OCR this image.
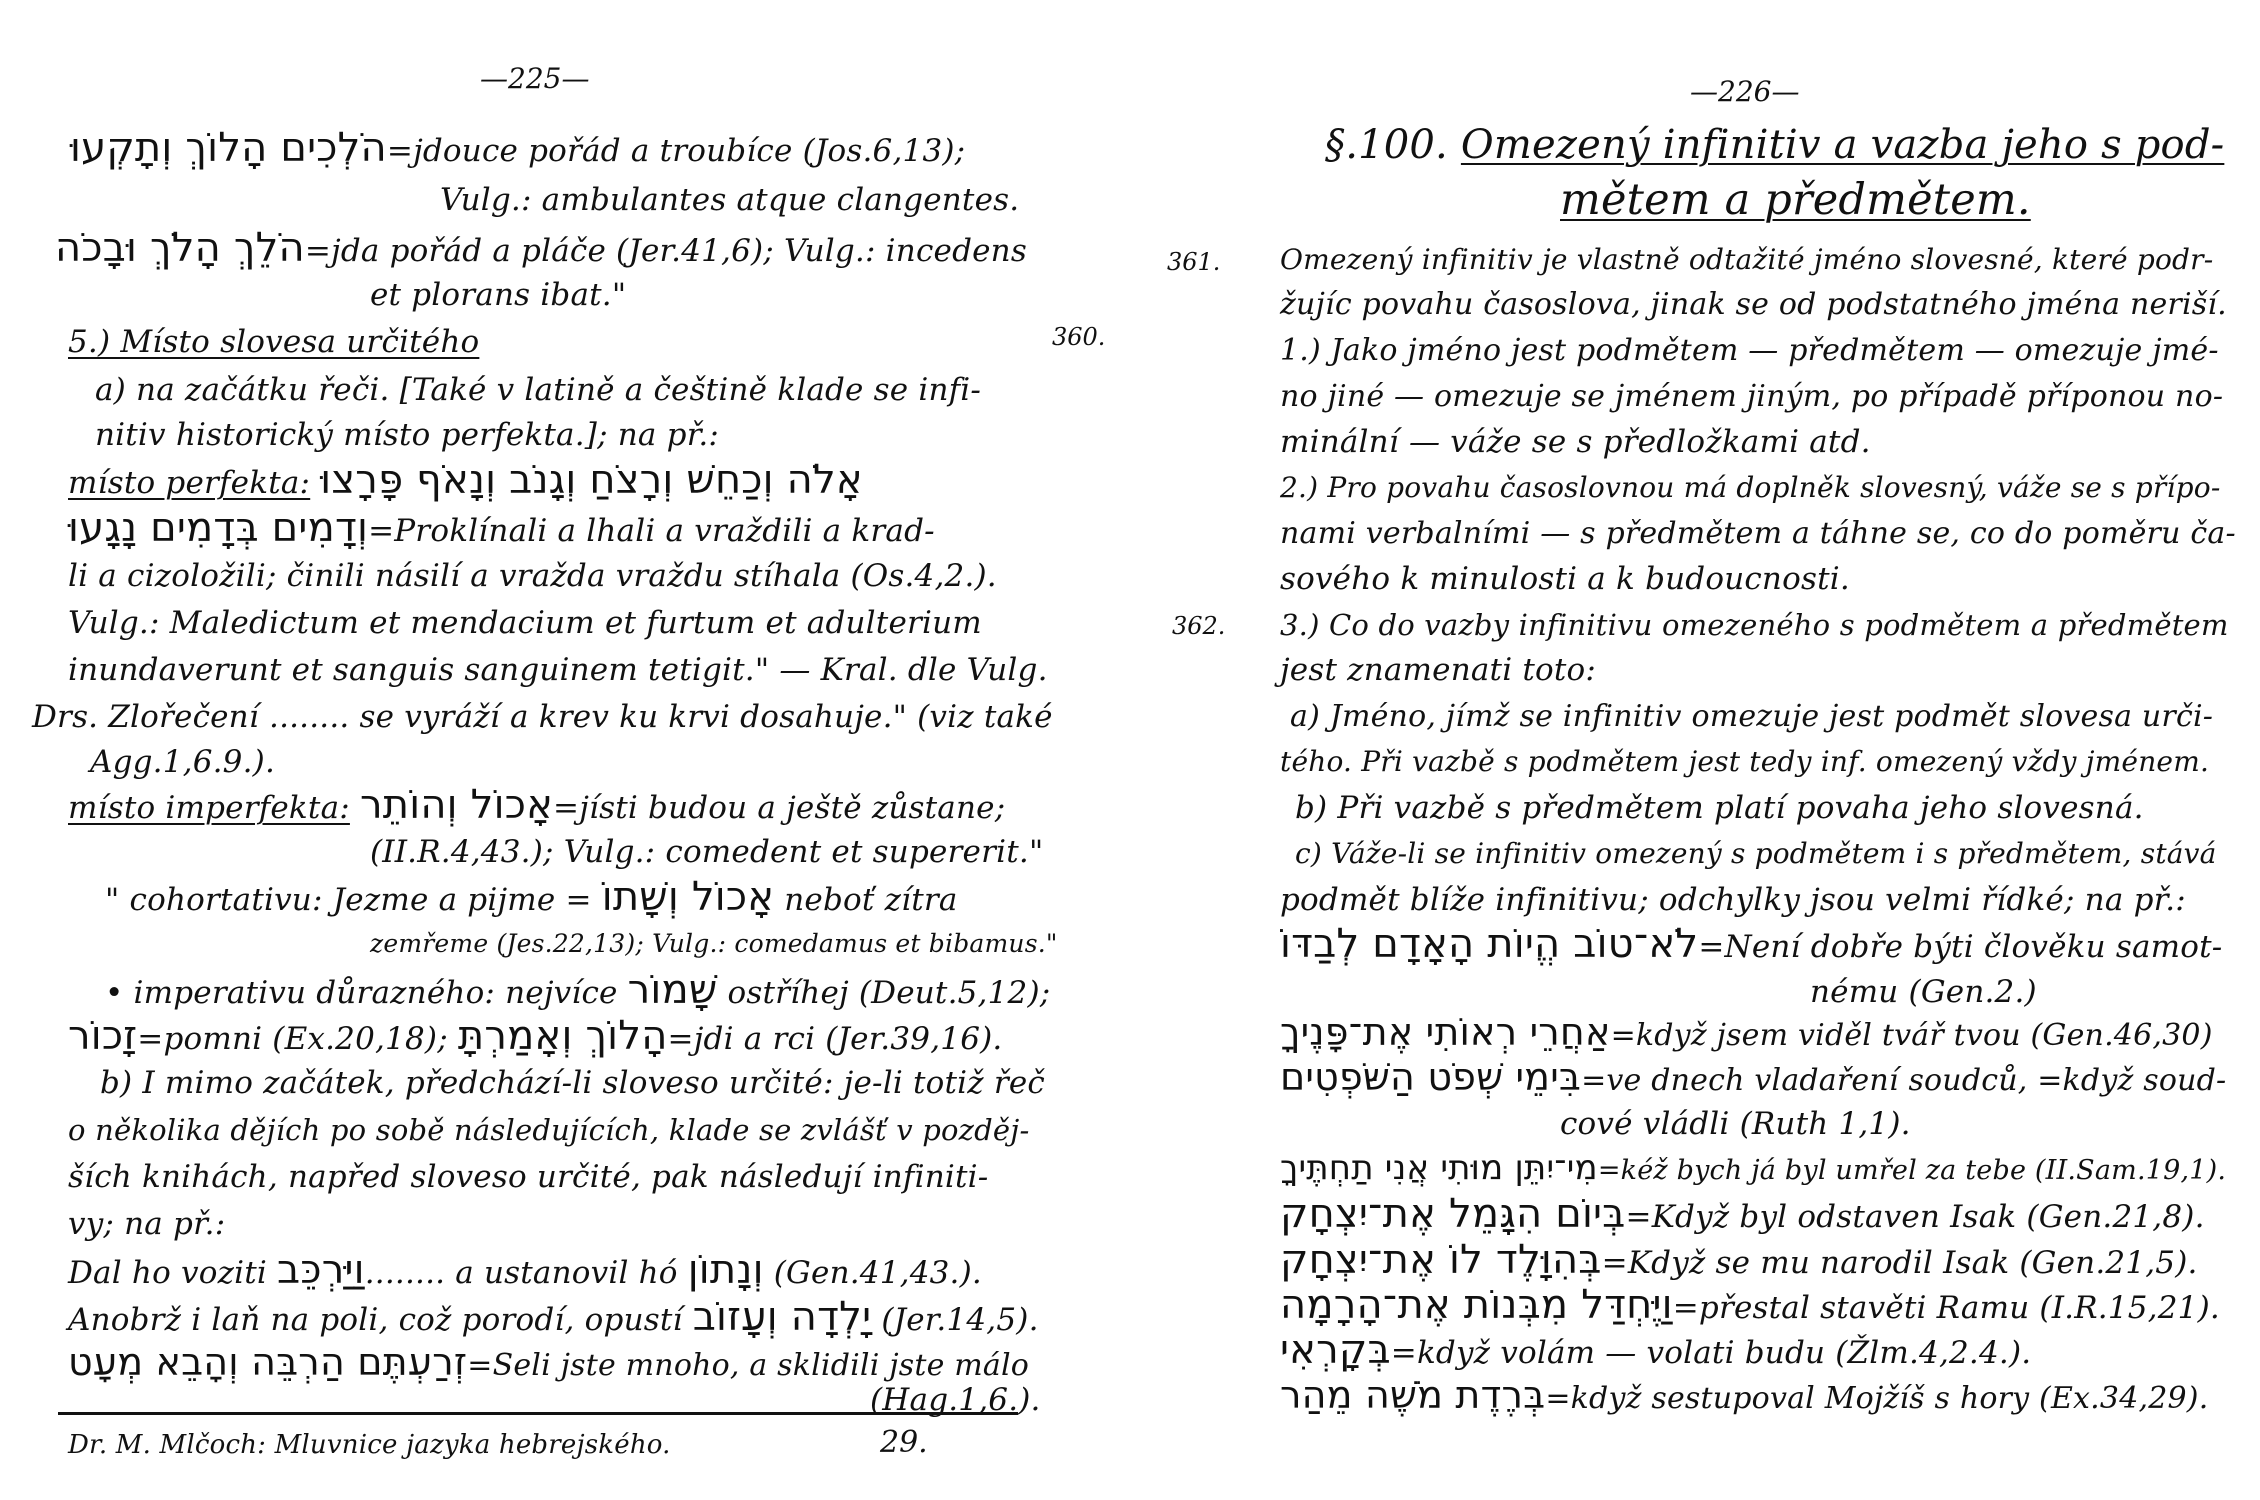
—225—
הֹלְכִים הָלוֹךְ וְתָקְעוּ=jdouce pořád a troubíce (Jos.6,13);
Vulg.: ambulantes atque clangentes.
הֹלֵךְ הָלֹךְ וּבָכֹה=jda pořád a pláče (Jer.41,6); Vulg.: incedens
et plorans ibat."
5.) Místo slovesa určitého
a) na začátku řeči. [Také v latině a češtině klade se infi-
nitiv historický místo perfekta.]; na př.:
místo perfekta: אָלֹה וְכַחֵשׁ וְרָצֹחַ וְגָנֹב וְנָאֹף פָּרָצוּ
וְדָמִים בְּדָמִים נָגָעוּ=Proklínali a lhali a vraždili a krad-
li a cizoložili; činili násilí a vražda vraždu stíhala (Os.4,2.).
Vulg.: Maledictum et mendacium et furtum et adulterium
inundaverunt et sanguis sanguinem tetigit." — Kral. dle Vulg.
Drs. Zlořečení ........ se vyráží a krev ku krvi dosahuje." (viz také
Agg.1,6.9.).
místo imperfekta: אָכוֹל וְהוֹתֵר=jísti budou a ještě zůstane;
(II.R.4,43.); Vulg.: comedent et supererit."
" cohortativu: Jezme a pijme = אָכוֹל וְשָׁתוֹ neboť zítra
zemřeme (Jes.22,13); Vulg.: comedamus et bibamus."
• imperativu důrazného: nejvíce שָׁמוֹר ostříhej (Deut.5,12);
זָכוֹר=pomni (Ex.20,18); הָלוֹךְ וְאָמַרְתָּ=jdi a rci (Jer.39,16).
b) I mimo začátek, předchází-li sloveso určité: je-li totiž řeč
o několika dějích po sobě následujících, klade se zvlášť v pozděj-
ších knihách, napřed sloveso určité, pak následují infiniti-
vy; na př.:
Dal ho voziti וַיַּרְכֵּב........ a ustanovil hó וְנָתוֹן (Gen.41,43.).
Anobrž i laň na poli, což porodí, opustí יָלְדָה וְעָזוֹב (Jer.14,5).
זְרַעְתֶּם הַרְבֵּה וְהָבֵא מְעָט=Seli jste mnoho, a sklidili jste málo
(Hag.1,6.).
Dr. M. Mlčoch: Mluvnice jazyka hebrejského.	29.
360.
—226—
§.100. Omezený infinitiv a vazba jeho s pod-
mětem a předmětem.
361.
362.
Omezený infinitiv je vlastně odtažité jméno slovesné, které podr-
žujíc povahu časoslova, jinak se od podstatného jména neriší.
1.) Jako jméno jest podmětem — předmětem — omezuje jmé-
no jiné — omezuje se jménem jiným, po případě příponou no-
minální — váže se s předložkami atd.
2.) Pro povahu časoslovnou má doplněk slovesný, váže se s přípo-
nami verbalními — s předmětem a táhne se, co do poměru ča-
sového k minulosti a k budoucnosti.
3.) Co do vazby infinitivu omezeného s podmětem a předmětem
jest znamenati toto:
a) Jméno, jímž se infinitiv omezuje jest podmět slovesa urči-
tého. Při vazbě s podmětem jest tedy inf. omezený vždy jménem.
b) Při vazbě s předmětem platí povaha jeho slovesná.
c) Váže-li se infinitiv omezený s podmětem i s předmětem, stává
podmět blíže infinitivu; odchylky jsou velmi řídké; na př.:
לֹא־טוֹב הֱיוֹת הָאָדָם לְבַדּוֹ=Není dobře býti člověku samot-
nému (Gen.2.)
אַחֲרֵי רְאוֹתִי אֶת־פָּנֶיךָ=když jsem viděl tvář tvou (Gen.46,30)
בִּימֵי שְׁפֹט הַשֹּׁפְטִים=ve dnech vladaření soudců, =když soud-
cové vládli (Ruth 1,1).
מִי־יִתֵּן מוּתִי אֲנִי תַחְתֶּיךָ=kéž bych já byl umřel za tebe (II.Sam.19,1).
בְּיוֹם הִגָּמֵל אֶת־יִצְחָק=Když byl odstaven Isak (Gen.21,8).
בְּהִוָּלֶד לוֹ אֶת־יִצְחָק=Když se mu narodil Isak (Gen.21,5).
וַיֶּחְדַּל מִבְּנוֹת אֶת־הָרָמָה=přestal stavěti Ramu (I.R.15,21).
בְּקָרְאִי=když volám — volati budu (Žlm.4,2.4.).
בְּרֶדֶת מֹשֶׁה מֵהַר=když sestupoval Mojžíš s hory (Ex.34,29).
